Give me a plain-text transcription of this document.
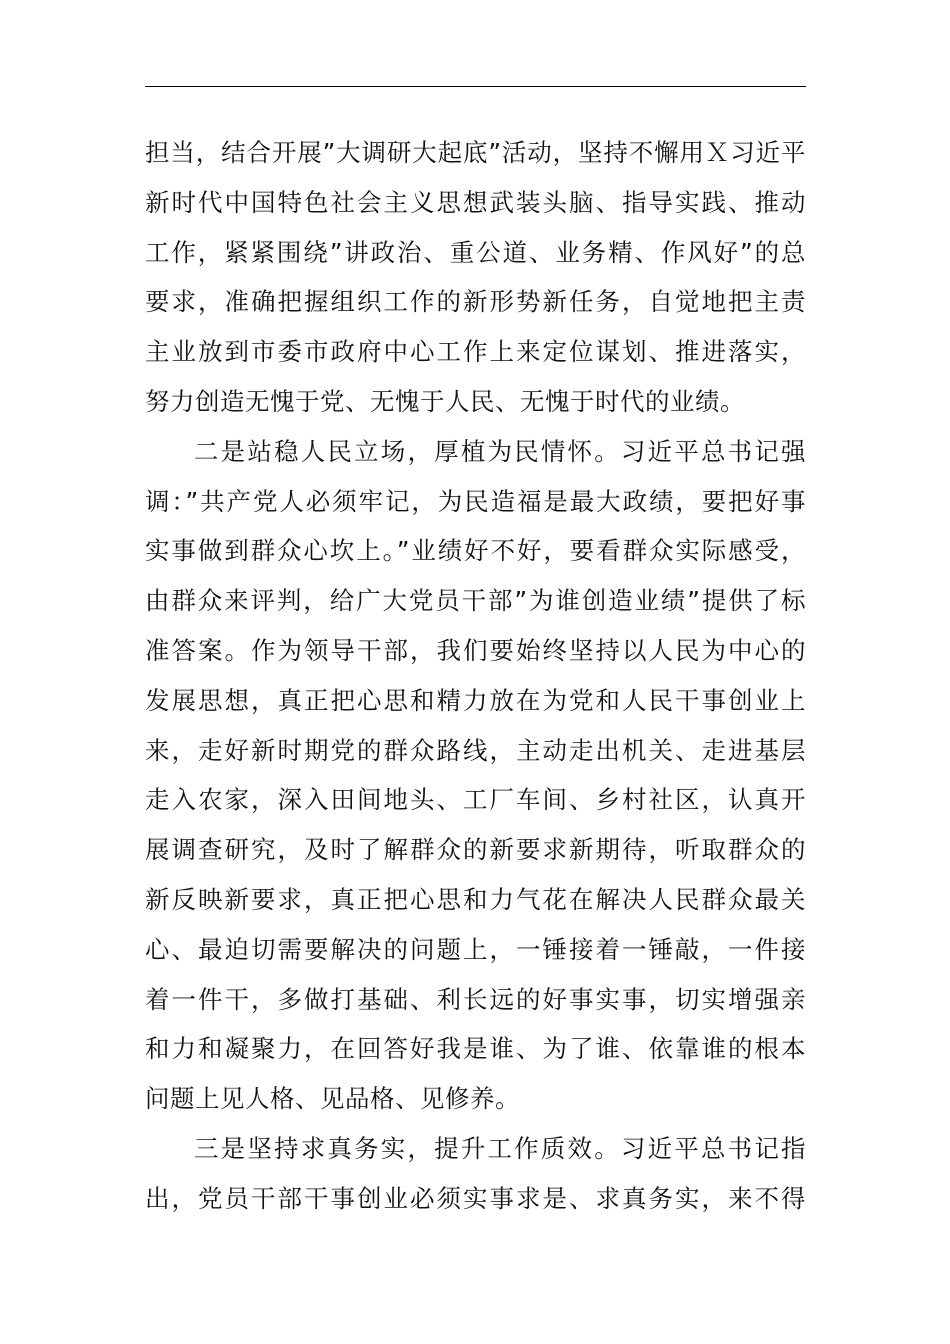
担当，结合开展”大调研大起底”活动，坚持不懈用Ｘ习近平
新时代中国特色社会主义思想武装头脑、指导实践、推动
工作，紧紧围绕”讲政治、重公道、业务精、作风好”的总
要求，准确把握组织工作的新形势新任务，自觉地把主责
主业放到市委市政府中心工作上来定位谋划、推进落实，
努力创造无愧于党、无愧于人民、无愧于时代的业绩。
二是站稳人民立场，厚植为民情怀。习近平总书记强
调：”共产党人必须牢记，为民造福是最大政绩，要把好事
实事做到群众心坎上。”业绩好不好，要看群众实际感受，
由群众来评判，给广大党员干部”为谁创造业绩”提供了标
准答案。作为领导干部，我们要始终坚持以人民为中心的
发展思想，真正把心思和精力放在为党和人民干事创业上
来，走好新时期党的群众路线，主动走出机关、走进基层
走入农家，深入田间地头、工厂车间、乡村社区，认真开
展调查研究，及时了解群众的新要求新期待，听取群众的
新反映新要求，真正把心思和力气花在解决人民群众最关
心、最迫切需要解决的问题上，一锤接着一锤敲，一件接
着一件干，多做打基础、利长远的好事实事，切实增强亲
和力和凝聚力，在回答好我是谁、为了谁、依靠谁的根本
问题上见人格、见品格、见修养。
三是坚持求真务实，提升工作质效。习近平总书记指
出，党员干部干事创业必须实事求是、求真务实，来不得
